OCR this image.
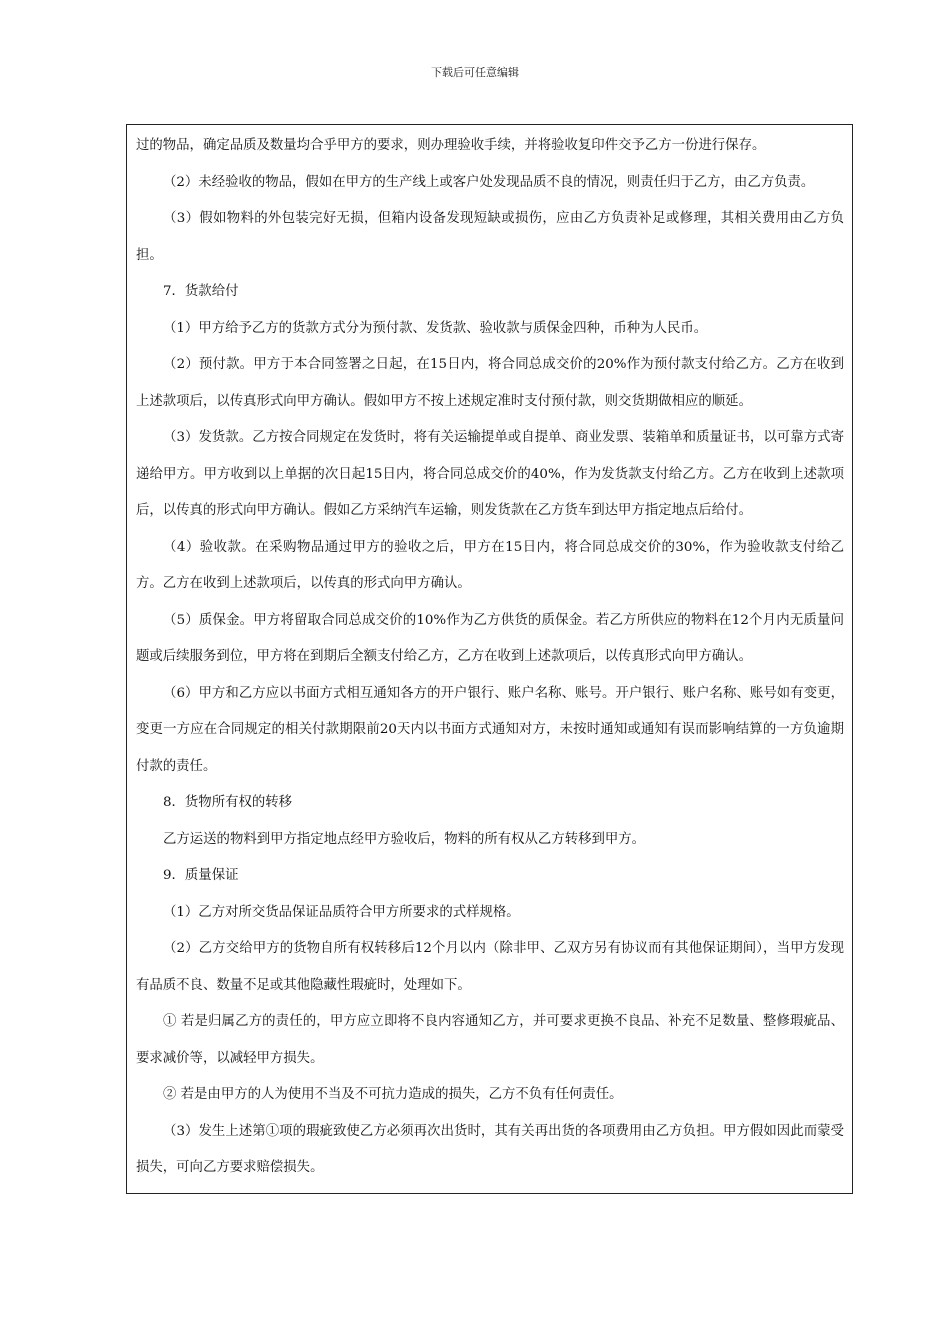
下载后可任意编辑

过的物品，确定品质及数量均合乎甲方的要求，则办理验收手续，并将验收复印件交予乙方一份进行保存。

（2）未经验收的物品，假如在甲方的生产线上或客户处发现品质不良的情况，则责任归于乙方，由乙方负责。

（3）假如物料的外包装完好无损，但箱内设备发现短缺或损伤，应由乙方负责补足或修理，其相关费用由乙方负担。

7．货款给付

（1）甲方给予乙方的货款方式分为预付款、发货款、验收款与质保金四种，币种为人民币。

（2）预付款。甲方于本合同签署之日起，在15日内，将合同总成交价的20%作为预付款支付给乙方。乙方在收到上述款项后，以传真形式向甲方确认。假如甲方不按上述规定准时支付预付款，则交货期做相应的顺延。

（3）发货款。乙方按合同规定在发货时，将有关运输提单或自提单、商业发票、装箱单和质量证书，以可靠方式寄递给甲方。甲方收到以上单据的次日起15日内，将合同总成交价的40%，作为发货款支付给乙方。乙方在收到上述款项后，以传真的形式向甲方确认。假如乙方采纳汽车运输，则发货款在乙方货车到达甲方指定地点后给付。

（4）验收款。在采购物品通过甲方的验收之后，甲方在15日内，将合同总成交价的30%，作为验收款支付给乙方。乙方在收到上述款项后，以传真的形式向甲方确认。

（5）质保金。甲方将留取合同总成交价的10%作为乙方供货的质保金。若乙方所供应的物料在12个月内无质量问题或后续服务到位，甲方将在到期后全额支付给乙方，乙方在收到上述款项后，以传真形式向甲方确认。

（6）甲方和乙方应以书面方式相互通知各方的开户银行、账户名称、账号。开户银行、账户名称、账号如有变更，变更一方应在合同规定的相关付款期限前20天内以书面方式通知对方，未按时通知或通知有误而影响结算的一方负逾期付款的责任。

8．货物所有权的转移

乙方运送的物料到甲方指定地点经甲方验收后，物料的所有权从乙方转移到甲方。

9．质量保证

（1）乙方对所交货品保证品质符合甲方所要求的式样规格。

（2）乙方交给甲方的货物自所有权转移后12个月以内（除非甲、乙双方另有协议而有其他保证期间），当甲方发现有品质不良、数量不足或其他隐藏性瑕疵时，处理如下。

① 若是归属乙方的责任的，甲方应立即将不良内容通知乙方，并可要求更换不良品、补充不足数量、整修瑕疵品、要求减价等，以减轻甲方损失。

② 若是由甲方的人为使用不当及不可抗力造成的损失，乙方不负有任何责任。

（3）发生上述第①项的瑕疵致使乙方必须再次出货时，其有关再出货的各项费用由乙方负担。甲方假如因此而蒙受损失，可向乙方要求赔偿损失。
